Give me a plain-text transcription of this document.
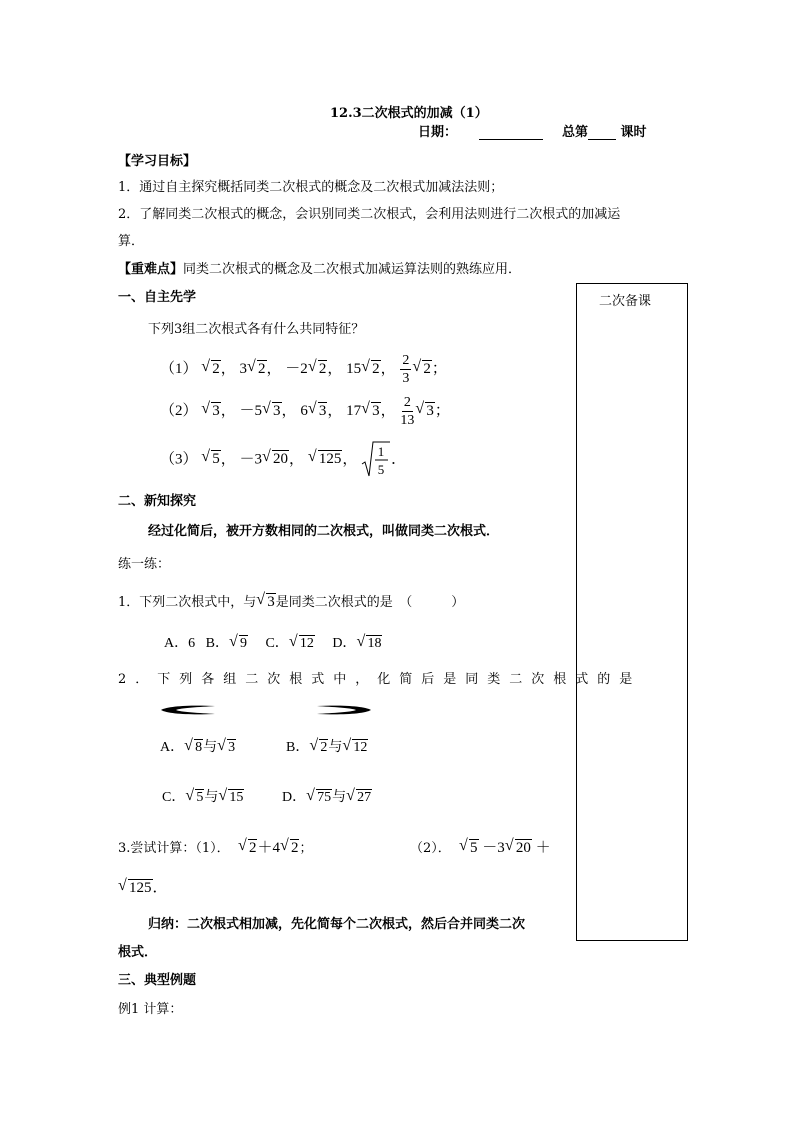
12.3二次根式的加减（1）
日期：	总第	课时
【学习目标】
1．通过自主探究概括同类二次根式的概念及二次根式加减法法则；
2．了解同类二次根式的概念，会识别同类二次根式，会利用法则进行二次根式的加减运
算．
【重难点】同类二次根式的概念及二次根式加减运算法则的熟练应用．
一、自主先学
下列3组二次根式各有什么共同特征？
（1） √ 2， 3 √ 2， －2 √ 2， 15 √ 2， $\frac{2}{3}$ √ 2；
（2） √ 3， －5 √ 3， 6 √ 3， 17 √ 3， $\frac{2}{13}$ √ 3；
（3） √ 5， －3 √ 20， √ 125， 1
5
．
二次备课
二、新知探究
经过化简后，被开方数相同的二次根式，叫做同类二次根式．
练一练：
1．下列二次根式中，与 √ 3是同类二次根式的是　（　　　）
A．6 B． √ 9 C． √ 12 D． √ 18
2．下列各组二次根式中，化简后是同类二次根式的是
A． √ 8与 √ 3	B． √ 2与 √ 12
C． √ 5与 √ 15	D． √ 75与 √ 27
3.尝试计算：（1）． √ 2＋4 √ 2；	（2）． √ 5 －3 √ 20 ＋
√ 125．
归纳：二次根式相加减，先化简每个二次根式，然后合并同类二次
根式．
三、典型例题
例1 计算：
